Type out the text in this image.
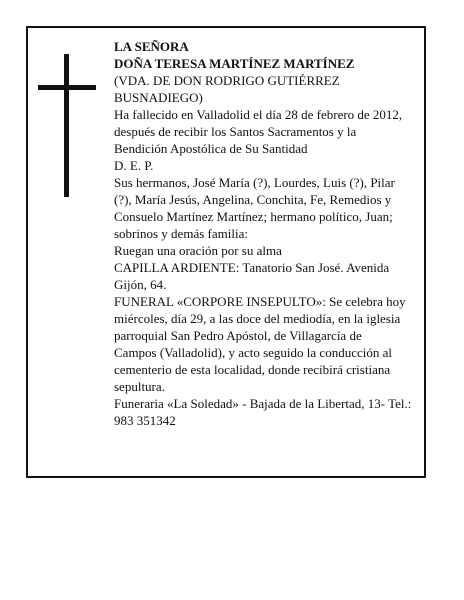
LA SEÑORA
DOÑA TERESA MARTÍNEZ MARTÍNEZ
(VDA. DE DON RODRIGO GUTIÉRREZ
BUSNADIEGO)
Ha fallecido en Valladolid el día 28 de febrero de 2012,
después de recibir los Santos Sacramentos y la
Bendición Apostólica de Su Santidad
D. E. P.
Sus hermanos, José María (?), Lourdes, Luis (?), Pilar
(?), María Jesús, Angelina, Conchita, Fe, Remedios y
Consuelo Martínez Martínez; hermano político, Juan;
sobrinos y demás familia:
Ruegan una oración por su alma
CAPILLA ARDIENTE: Tanatorio San José. Avenida
Gijón, 64.
FUNERAL «CORPORE INSEPULTO»: Se celebra hoy
miércoles, día 29, a las doce del mediodía, en la iglesia
parroquial San Pedro Apóstol, de Villagarcía de
Campos (Valladolid), y acto seguido la conducción al
cementerio de esta localidad, donde recibirá cristiana
sepultura.
Funeraria «La Soledad» - Bajada de la Libertad, 13- Tel.:
983 351342
